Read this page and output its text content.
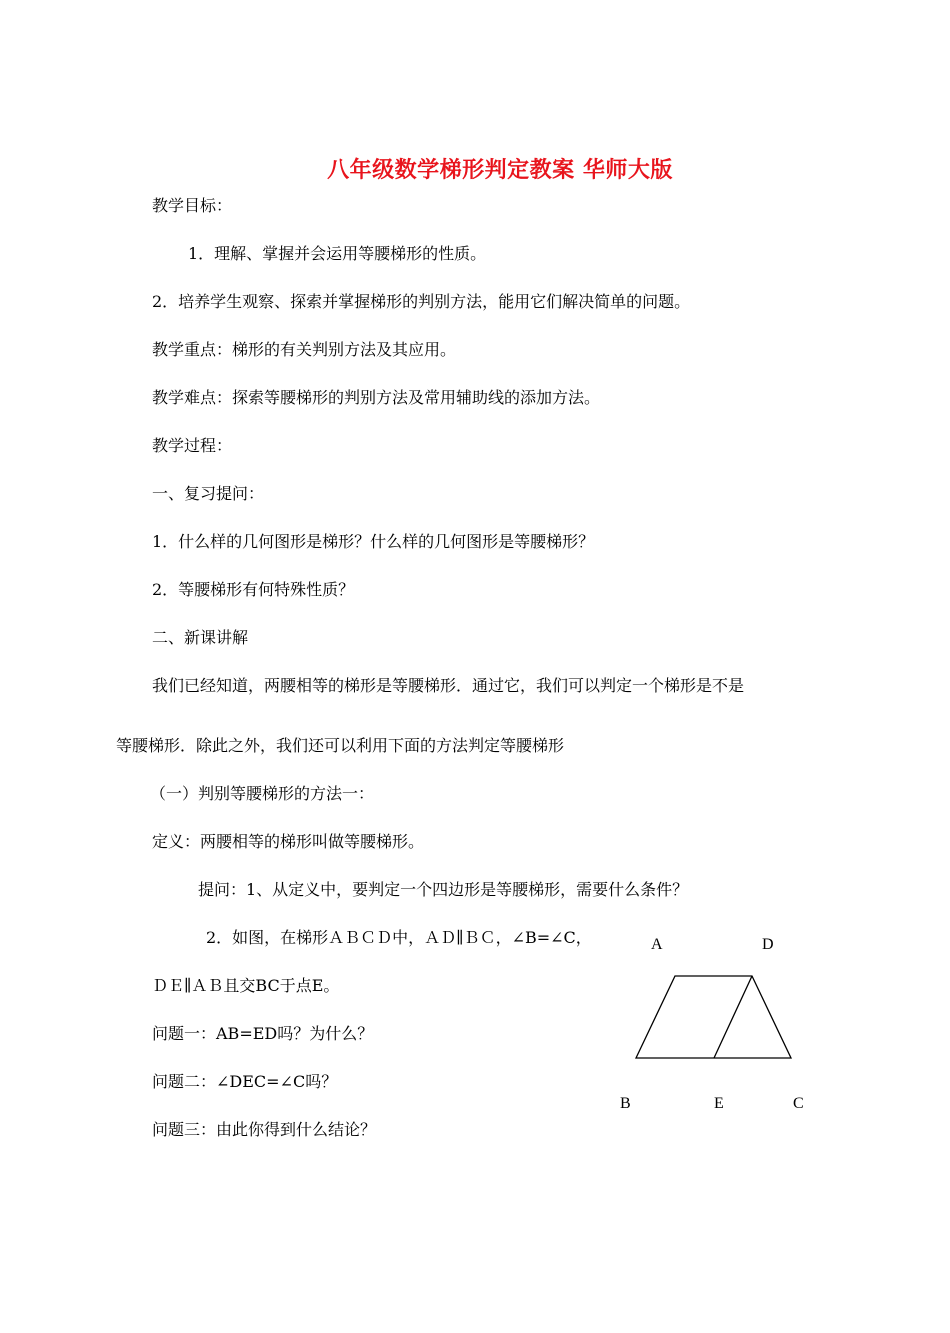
八年级数学梯形判定教案 华师大版

教学目标：

1．理解、掌握并会运用等腰梯形的性质。

2．培养学生观察、探索并掌握梯形的判别方法，能用它们解决简单的问题。

教学重点：梯形的有关判别方法及其应用。

教学难点：探索等腰梯形的判别方法及常用辅助线的添加方法。

教学过程：

一、复习提问：

1．什么样的几何图形是梯形？什么样的几何图形是等腰梯形？

2．等腰梯形有何特殊性质？

二、新课讲解

我们已经知道，两腰相等的梯形是等腰梯形．通过它，我们可以判定一个梯形是不是

等腰梯形．除此之外，我们还可以利用下面的方法判定等腰梯形

（一）判别等腰梯形的方法一：

定义：两腰相等的梯形叫做等腰梯形。

提问：1、从定义中，要判定一个四边形是等腰梯形，需要什么条件？

2．如图，在梯形ＡＢＣＤ中，ＡＤ∥ＢＣ，∠B=∠C，

ＤＥ∥ＡＢ且交BC于点E。

问题一：AB=ED吗？为什么？

问题二：∠DEC=∠C吗？

问题三：由此你得到什么结论？

A	D
B	E	C
